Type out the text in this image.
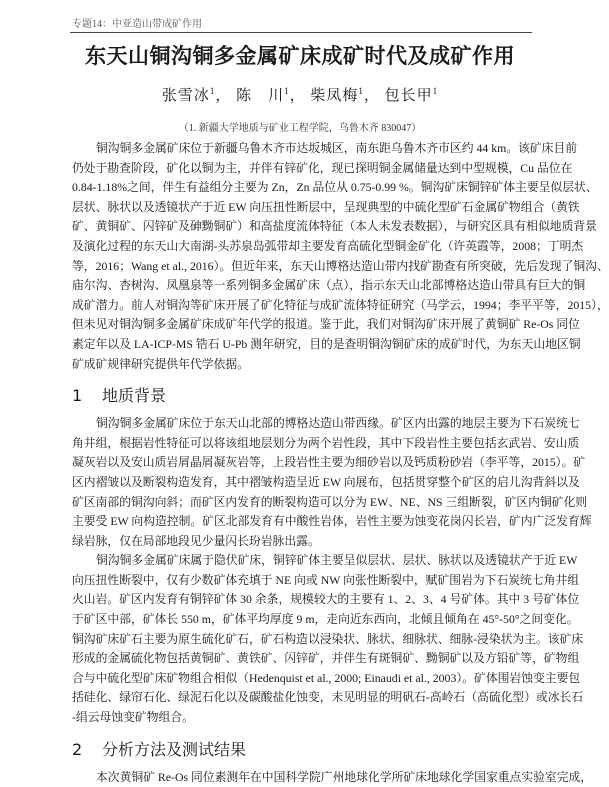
专题14：中亚造山带成矿作用
东天山铜沟铜多金属矿床成矿时代及成矿作用
张雪冰$^1$， 陈　川$^1$， 柴凤梅$^1$， 包长甲$^1$
（1. 新疆大学地质与矿业工程学院，乌鲁木齐 830047）
铜沟铜多金属矿床位于新疆乌鲁木齐市达坂城区，南东距乌鲁木齐市区约 44 km。该矿床目前
仍处于勘查阶段，矿化以铜为主，并伴有锌矿化，现已探明铜金属储量达到中型规模，Cu 品位在
0.84-1.18%之间，伴生有益组分主要为 Zn，Zn 品位从 0.75-0.99 %。铜沟矿床铜锌矿体主要呈似层状、
层状、脉状以及透镜状产于近 EW 向压扭性断层中，呈现典型的中硫化型矿石金属矿物组合（黄铁
矿、黄铜矿、闪锌矿及砷黝铜矿）和高盐度流体特征（本人未发表数据），与研究区具有相似地质背景
及演化过程的东天山大南湖-头苏泉岛弧带却主要发育高硫化型铜金矿化（许英霞等，2008；丁明杰
等，2016；Wang et al., 2016）。但近年来，东天山博格达造山带内找矿勘查有所突破，先后发现了铜沟、
庙尔沟、杏树沟、凤凰泉等一系列铜多金属矿床（点），指示东天山北部博格达造山带具有巨大的铜
成矿潜力。前人对铜沟等矿床开展了矿化特征与成矿流体特征研究（马学云，1994；李平平等，2015），
但未见对铜沟铜多金属矿床成矿年代学的报道。鉴于此，我们对铜沟矿床开展了黄铜矿 Re-Os 同位
素定年以及 LA-ICP-MS 锆石 U-Pb 测年研究，目的是查明铜沟铜矿床的成矿时代，为东天山地区铜
矿成矿规律研究提供年代学依据。
1 地质背景
铜沟铜多金属矿床位于东天山北部的博格达造山带西缘。矿区内出露的地层主要为下石炭统七
角井组，根据岩性特征可以将该组地层划分为两个岩性段，其中下段岩性主要包括玄武岩、安山质
凝灰岩以及安山质岩屑晶屑凝灰岩等，上段岩性主要为细砂岩以及钙质粉砂岩（李平等，2015）。矿
区内褶皱以及断裂构造发育，其中褶皱构造呈近 EW 向展布，包括贯穿整个矿区的启儿沟背斜以及
矿区南部的铜沟向斜；而矿区内发育的断裂构造可以分为 EW、NE、NS 三组断裂，矿区内铜矿化则
主要受 EW 向构造控制。矿区北部发育有中酸性岩体，岩性主要为蚀变花岗闪长岩，矿内广泛发育辉
绿岩脉，仅在局部地段见少量闪长玢岩脉出露。
铜沟铜多金属矿床属于隐伏矿床，铜锌矿体主要呈似层状、层状、脉状以及透镜状产于近 EW
向压扭性断裂中，仅有少数矿体充填于 NE 向或 NW 向张性断裂中，赋矿围岩为下石炭统七角井组
火山岩。矿区内发育有铜锌矿体 30 余条，规模较大的主要有 1、2、3、4 号矿体。其中 3 号矿体位
于矿区中部，矿体长 550 m，矿体平均厚度 9 m，走向近东西向，北倾且倾角在 45°-50°之间变化。
铜沟矿床矿石主要为原生硫化矿石，矿石构造以浸染状、脉状、细脉状、细脉-浸染状为主。该矿床
形成的金属硫化物包括黄铜矿、黄铁矿、闪锌矿，并伴生有斑铜矿、黝铜矿以及方铅矿等，矿物组
合与中硫化型矿床矿物组合相似（Hedenquist et al., 2000; Einaudi et al., 2003）。矿体围岩蚀变主要包
括硅化、绿帘石化、绿泥石化以及碳酸盐化蚀变，未见明显的明矾石-高岭石（高硫化型）或冰长石
-绢云母蚀变矿物组合。
2 分析方法及测试结果
本次黄铜矿 Re-Os 同位素测年在中国科学院广州地球化学所矿床地球化学国家重点实验室完成，
